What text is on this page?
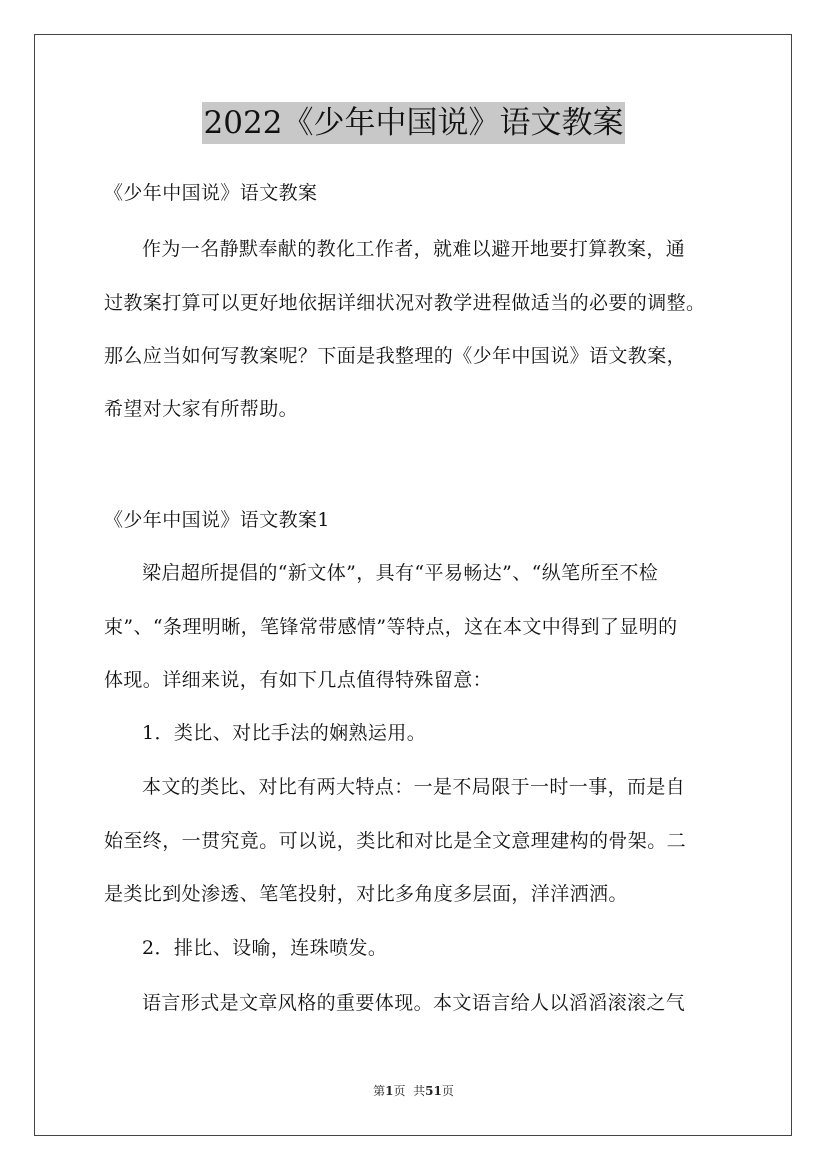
2022《少年中国说》语文教案
《少年中国说》语文教案
作为一名静默奉献的教化工作者，就难以避开地要打算教案，通
过教案打算可以更好地依据详细状况对教学进程做适当的必要的调整。
那么应当如何写教案呢？下面是我整理的《少年中国说》语文教案，
希望对大家有所帮助。
《少年中国说》语文教案1
梁启超所提倡的“新文体”，具有“平易畅达”、“纵笔所至不检
束”、“条理明晰，笔锋常带感情”等特点，这在本文中得到了显明的
体现。详细来说，有如下几点值得特殊留意：
1．类比、对比手法的娴熟运用。
本文的类比、对比有两大特点：一是不局限于一时一事，而是自
始至终，一贯究竟。可以说，类比和对比是全文意理建构的骨架。二
是类比到处渗透、笔笔投射，对比多角度多层面，洋洋洒洒。
2．排比、设喻，连珠喷发。
语言形式是文章风格的重要体现。本文语言给人以滔滔滚滚之气
第1页 共51页
